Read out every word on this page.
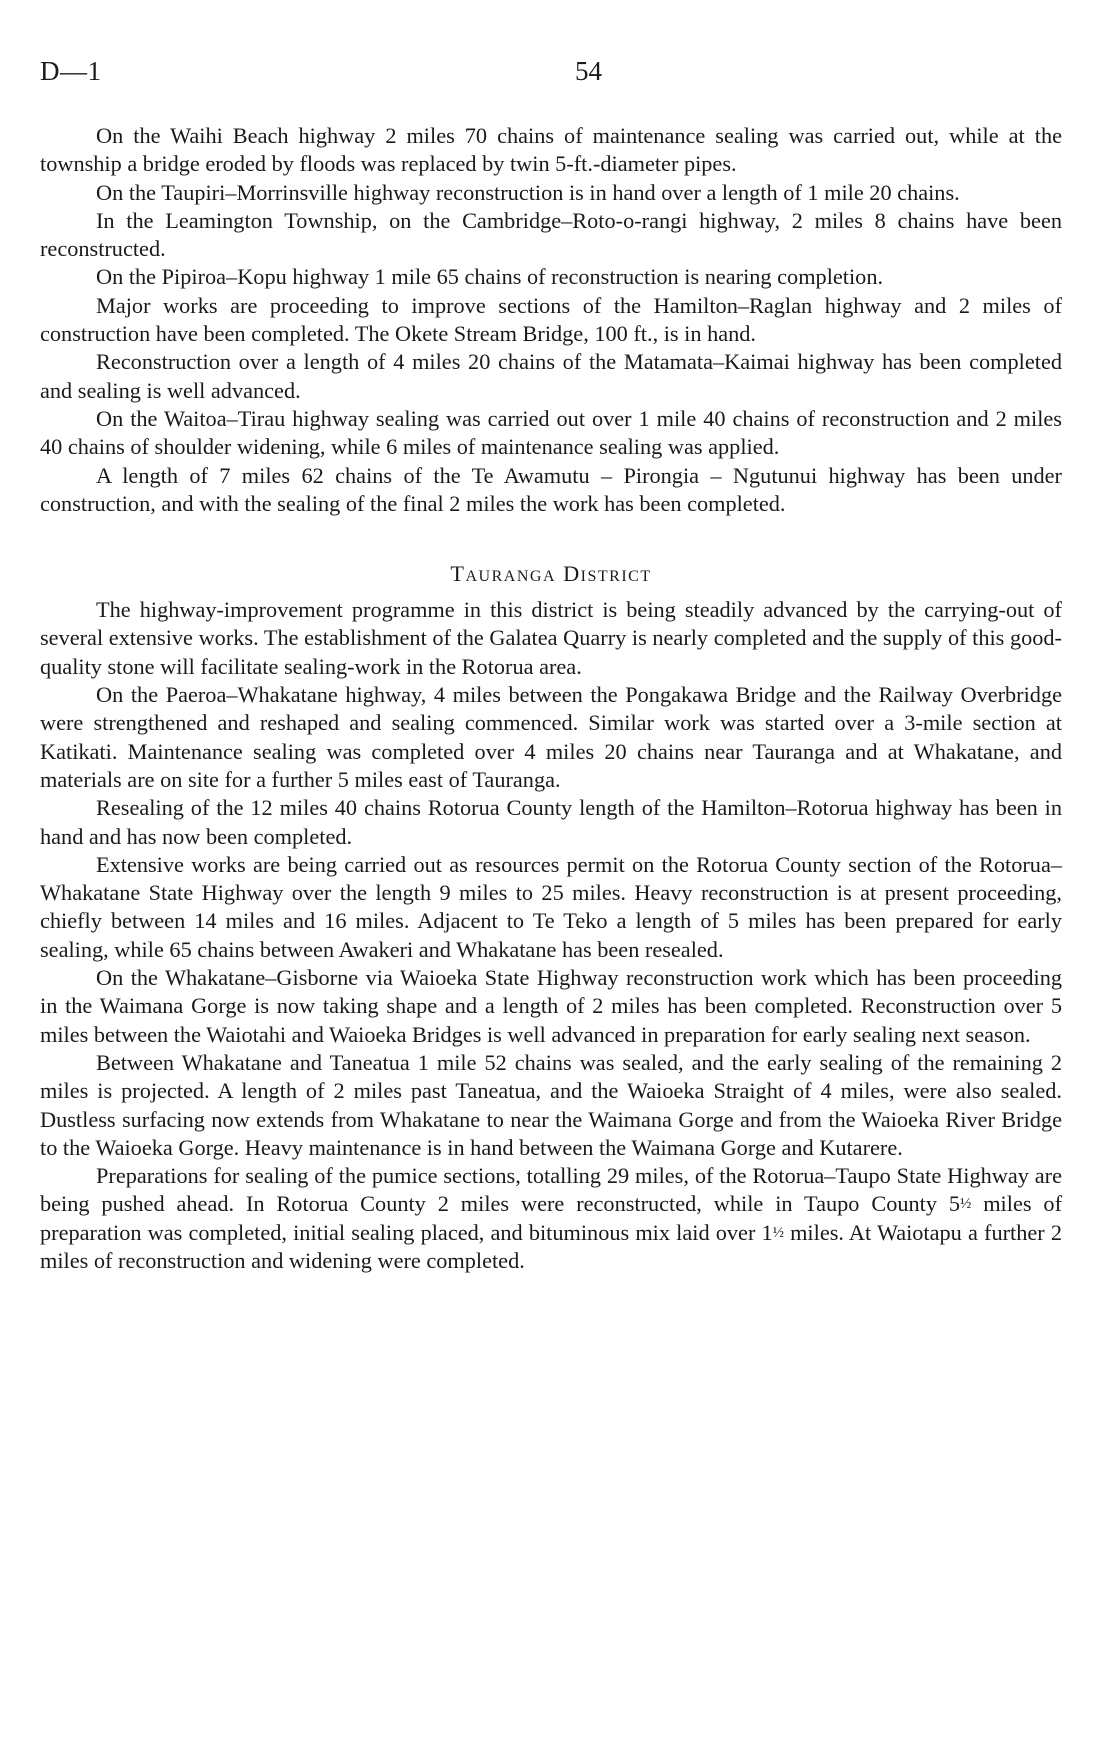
D—1	54

On the Waihi Beach highway 2 miles 70 chains of maintenance sealing was carried out, while at the township a bridge eroded by floods was replaced by twin 5-ft.-diameter pipes.

On the Taupiri–Morrinsville highway reconstruction is in hand over a length of 1 mile 20 chains.

In the Leamington Township, on the Cambridge–Roto-o-rangi highway, 2 miles 8 chains have been reconstructed.

On the Pipiroa–Kopu highway 1 mile 65 chains of reconstruction is nearing completion.

Major works are proceeding to improve sections of the Hamilton–Raglan highway and 2 miles of construction have been completed. The Okete Stream Bridge, 100 ft., is in hand.

Reconstruction over a length of 4 miles 20 chains of the Matamata–Kaimai highway has been completed and sealing is well advanced.

On the Waitoa–Tirau highway sealing was carried out over 1 mile 40 chains of reconstruction and 2 miles 40 chains of shoulder widening, while 6 miles of maintenance sealing was applied.

A length of 7 miles 62 chains of the Te Awamutu – Pirongia – Ngutunui highway has been under construction, and with the sealing of the final 2 miles the work has been completed.

Tauranga District

The highway-improvement programme in this district is being steadily advanced by the carrying-out of several extensive works. The establishment of the Galatea Quarry is nearly completed and the supply of this good-quality stone will facilitate sealing-work in the Rotorua area.

On the Paeroa–Whakatane highway, 4 miles between the Pongakawa Bridge and the Railway Overbridge were strengthened and reshaped and sealing commenced. Similar work was started over a 3-mile section at Katikati. Maintenance sealing was completed over 4 miles 20 chains near Tauranga and at Whakatane, and materials are on site for a further 5 miles east of Tauranga.

Resealing of the 12 miles 40 chains Rotorua County length of the Hamilton–Rotorua highway has been in hand and has now been completed.

Extensive works are being carried out as resources permit on the Rotorua County section of the Rotorua–Whakatane State Highway over the length 9 miles to 25 miles. Heavy reconstruction is at present proceeding, chiefly between 14 miles and 16 miles. Adjacent to Te Teko a length of 5 miles has been prepared for early sealing, while 65 chains between Awakeri and Whakatane has been resealed.

On the Whakatane–Gisborne via Waioeka State Highway reconstruction work which has been proceeding in the Waimana Gorge is now taking shape and a length of 2 miles has been completed. Reconstruction over 5 miles between the Waiotahi and Waioeka Bridges is well advanced in preparation for early sealing next season.

Between Whakatane and Taneatua 1 mile 52 chains was sealed, and the early sealing of the remaining 2 miles is projected. A length of 2 miles past Taneatua, and the Waioeka Straight of 4 miles, were also sealed. Dustless surfacing now extends from Whakatane to near the Waimana Gorge and from the Waioeka River Bridge to the Waioeka Gorge. Heavy maintenance is in hand between the Waimana Gorge and Kutarere.

Preparations for sealing of the pumice sections, totalling 29 miles, of the Rotorua–Taupo State Highway are being pushed ahead. In Rotorua County 2 miles were reconstructed, while in Taupo County 5½ miles of preparation was completed, initial sealing placed, and bituminous mix laid over 1½ miles. At Waiotapu a further 2 miles of reconstruction and widening were completed.
